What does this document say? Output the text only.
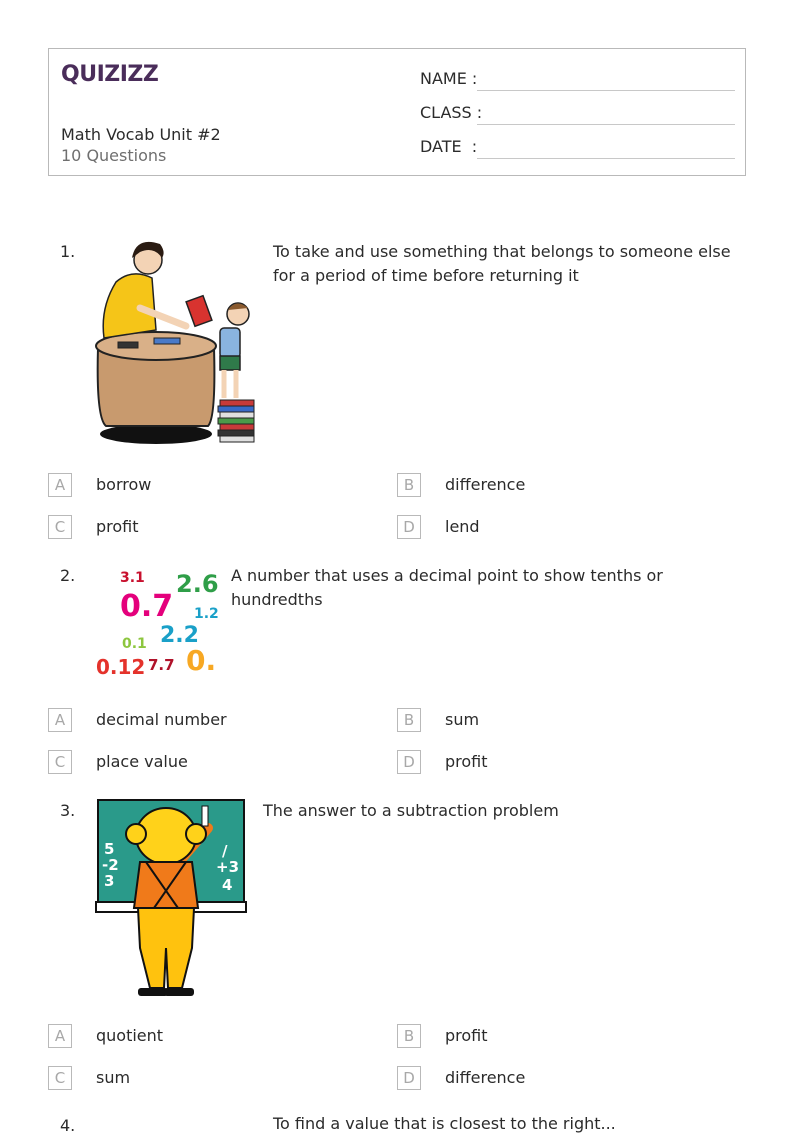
QUIZIZZ
Math Vocab Unit #2
10 Questions
NAME :
CLASS :
DATE  :
1.	To take and use something that belongs to someone else for a period of time before returning it
A	borrow	B	difference
C	profit	D	lend
2.	3.1 2.6
0.7 1.2
2.2
0.1
0.12 7.7 0.
A number that uses a decimal point to show tenths or hundredths
A	decimal number	B	sum
C	place value	D	profit
3.
5
-2
3
/
+3
4
The answer to a subtraction problem
A	quotient	B	profit
C	sum	D	difference
4.	To find a value that is closest to the right...
